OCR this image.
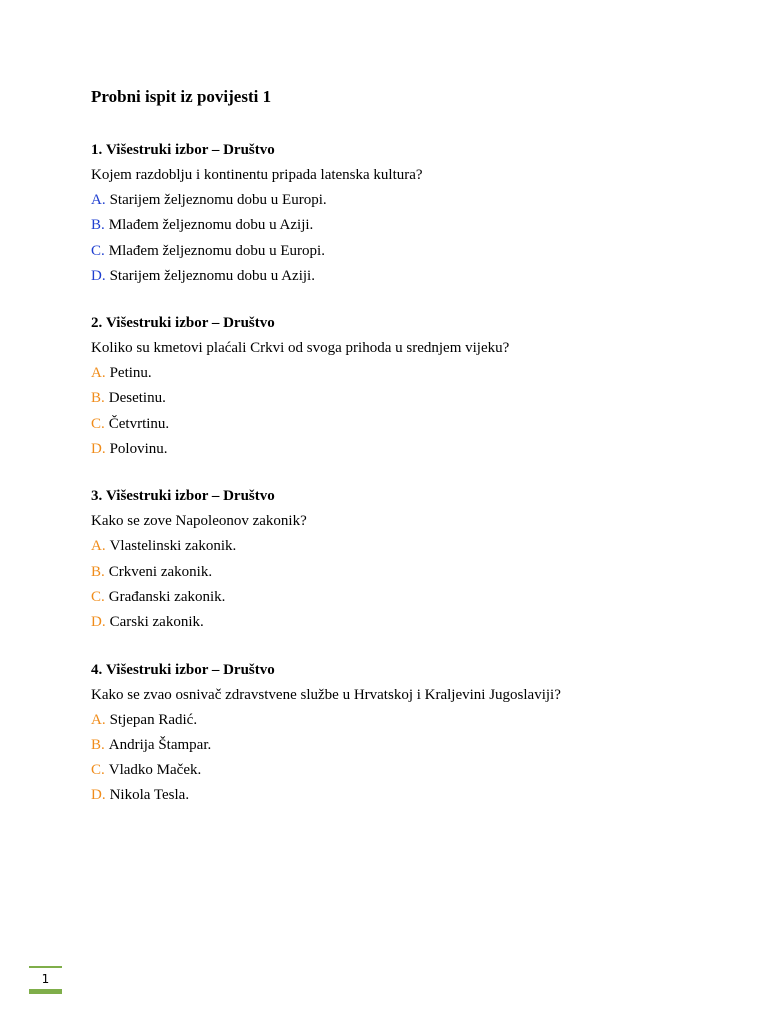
Probni ispit iz povijesti 1

1.
Višestruki izbor – Društvo

Kojem razdoblju i kontinentu pripada latenska kultura?

A. Starijem željeznomu dobu u Europi.
B. Mlađem željeznomu dobu u Aziji.
C. Mlađem željeznomu dobu u Europi.
D. Starijem željeznomu dobu u Aziji.

2.
Višestruki izbor – Društvo

Koliko su kmetovi plaćali Crkvi od svoga prihoda u srednjem vijeku?

A. Petinu.
B. Desetinu.
C. Četvrtinu.
D. Polovinu.

3.
Višestruki izbor – Društvo

Kako se zove Napoleonov zakonik?

A. Vlastelinski zakonik.
B. Crkveni zakonik.
C. Građanski zakonik.
D. Carski zakonik.

4.
Višestruki izbor – Društvo

Kako se zvao osnivač zdravstvene službe u Hrvatskoj i Kraljevini Jugoslaviji?

A. Stjepan Radić.
B. Andrija Štampar.
C. Vladko Maček.
D. Nikola Tesla.
1
